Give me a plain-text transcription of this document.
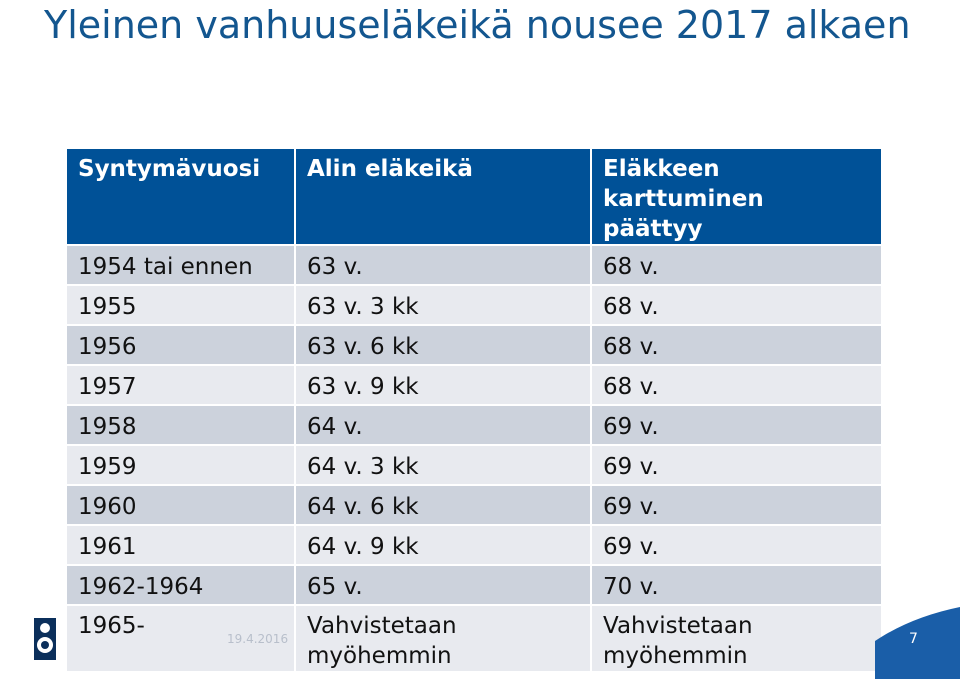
Yleinen vanhuuseläkeikä nousee 2017 alkaen
Syntymävuosi	Alin eläkeikä	Eläkkeen karttuminen päättyy
1954 tai ennen	63 v.	68 v.
1955	63 v. 3 kk	68 v.
1956	63 v. 6 kk	68 v.
1957	63 v. 9 kk	68 v.
1958	64 v.	69 v.
1959	64 v. 3 kk	69 v.
1960	64 v. 6 kk	69 v.
1961	64 v. 9 kk	69 v.
1962-1964	65 v.	70 v.
1965-	Vahvistetaan myöhemmin	Vahvistetaan myöhemmin
19.4.2016	7
